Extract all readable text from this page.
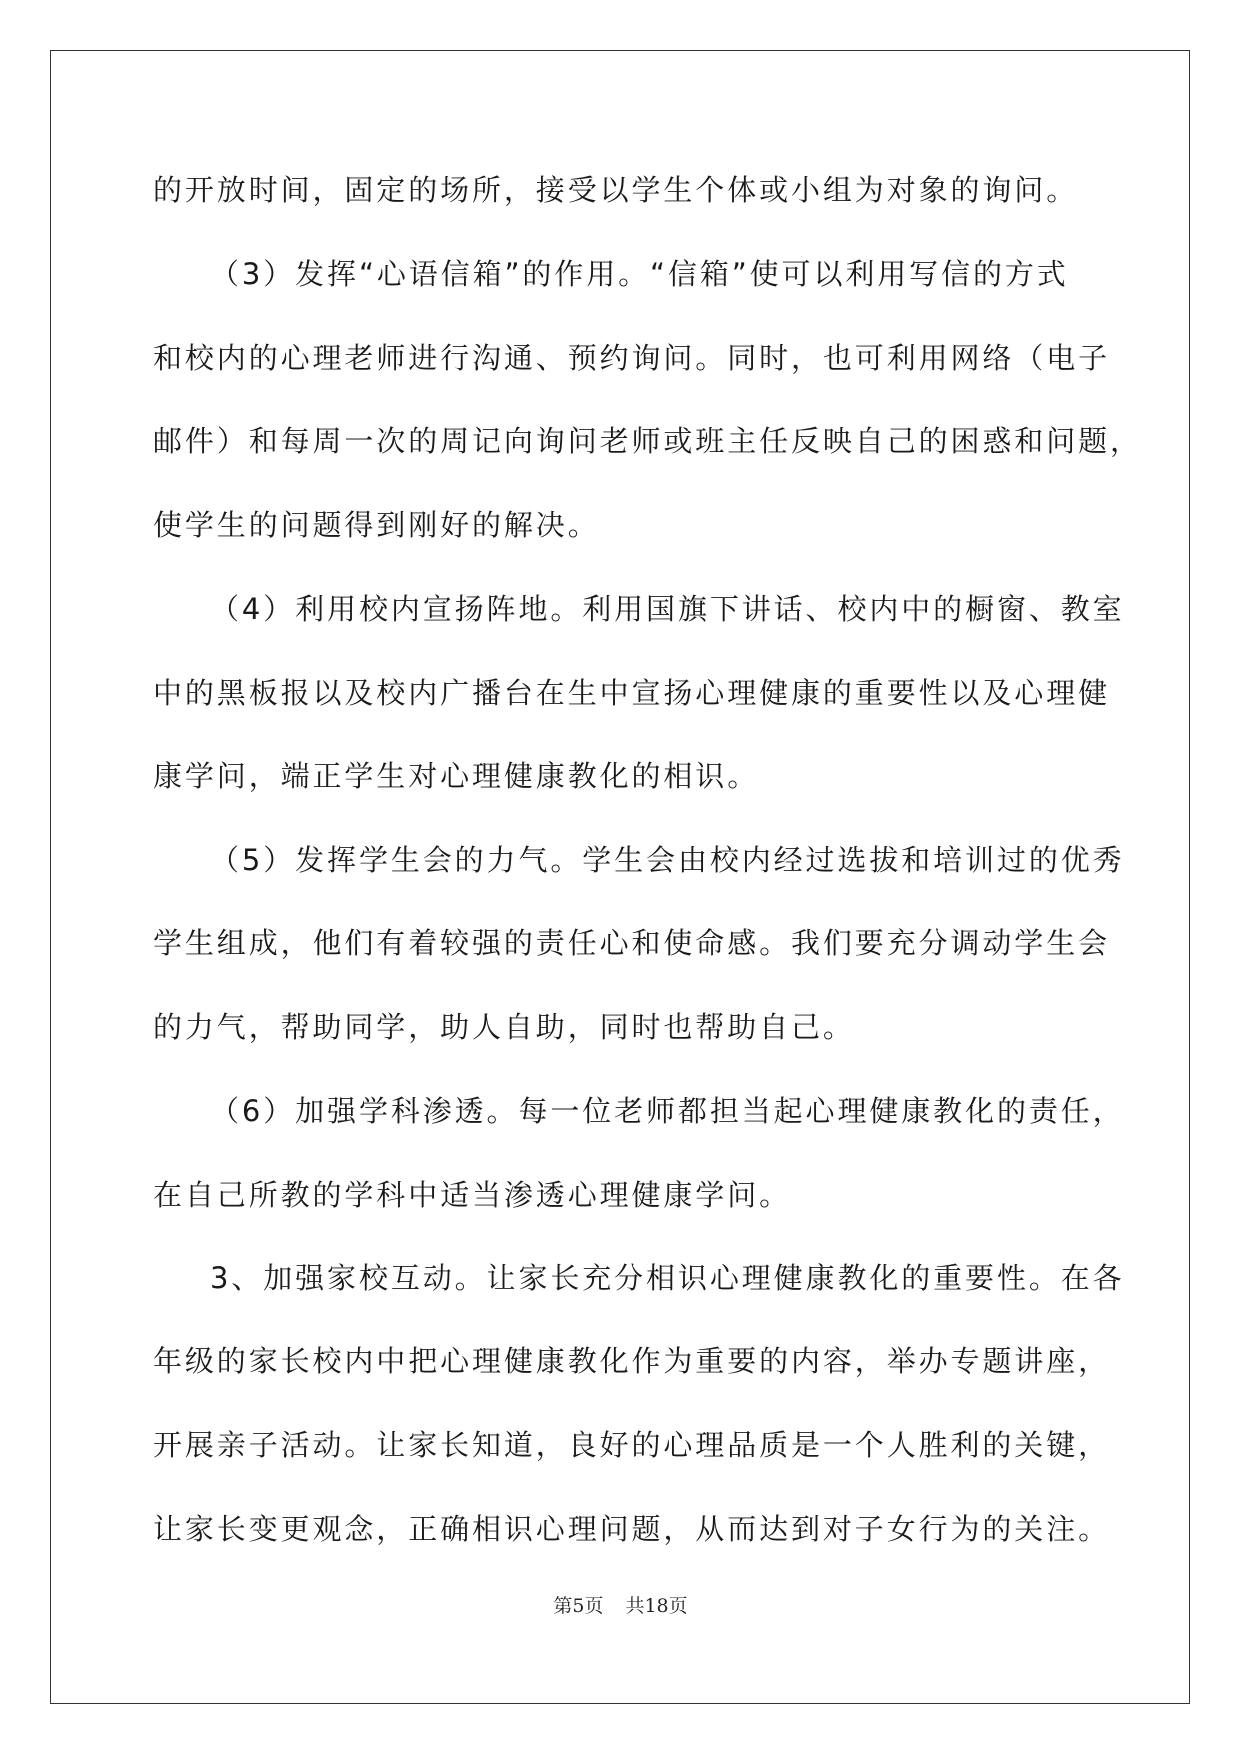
的开放时间，固定的场所，接受以学生个体或小组为对象的询问。

（3）发挥“心语信箱”的作用。“信箱”使可以利用写信的方式

和校内的心理老师进行沟通、预约询问。同时，也可利用网络（电子

邮件）和每周一次的周记向询问老师或班主任反映自己的困惑和问题，

使学生的问题得到刚好的解决。

（4）利用校内宣扬阵地。利用国旗下讲话、校内中的橱窗、教室

中的黑板报以及校内广播台在生中宣扬心理健康的重要性以及心理健

康学问，端正学生对心理健康教化的相识。

（5）发挥学生会的力气。学生会由校内经过选拔和培训过的优秀

学生组成，他们有着较强的责任心和使命感。我们要充分调动学生会

的力气，帮助同学，助人自助，同时也帮助自己。

（6）加强学科渗透。每一位老师都担当起心理健康教化的责任，

在自己所教的学科中适当渗透心理健康学问。

3、加强家校互动。让家长充分相识心理健康教化的重要性。在各

年级的家长校内中把心理健康教化作为重要的内容，举办专题讲座，

开展亲子活动。让家长知道，良好的心理品质是一个人胜利的关键，

让家长变更观念，正确相识心理问题，从而达到对子女行为的关注。

第5页 共18页
